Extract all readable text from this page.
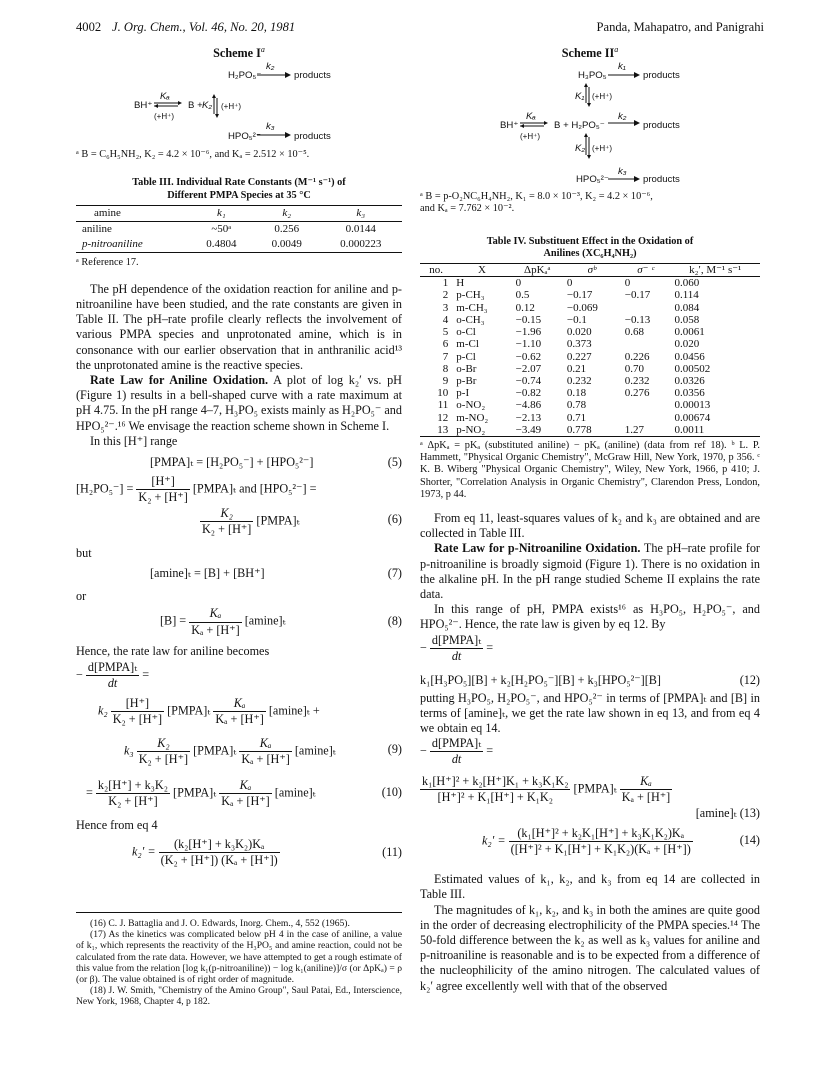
4002 J. Org. Chem., Vol. 46, No. 20, 1981	Panda, Mahapatro, and Panigrahi
Scheme $I^a$
H₂PO₅⁻
k₂
products
BH⁺
Kₐ
(+H⁺)
B + K₂ (+H⁺)
HPO₅²⁻
k₃
products
ᵃ B = C₆H₅NH₂, K₂ = 4.2 × 10⁻⁶, and Kₐ = 2.512 × 10⁻⁵.
Table III. Individual Rate Constants (M⁻¹ s⁻¹) of
Different PMPA Species at 35 °C
amine	k₁	k₂	k₃
aniline	~50ᵃ	0.256	0.0144
p-nitroaniline	0.4804	0.0049	0.000223
ᵃ Reference 17.

The pH dependence of the oxidation reaction for aniline and p-nitroaniline have been studied, and the rate constants are given in Table II. The pH–rate profile clearly reflects the involvement of various PMPA species and unprotonated amine, which is in consonance with our earlier observation that in anthranilic acid¹³ the unprotonated amine is the reactive species.

Rate Law for Aniline Oxidation. A plot of log k₂′ vs. pH (Figure 1) results in a bell-shaped curve with a rate maximum at pH 4.75. In the pH range 4–7, H₃PO₅ exists mainly as H₂PO₅⁻ and HPO₅²⁻.¹⁶ We envisage the reaction scheme shown in Scheme I.

In this [H⁺] range

[PMPA]ₜ = [H₂PO₅⁻] + [HPO₅²⁻]	(5)
$[H_2PO_5^-] = \frac{[H^+]}{\text{K₂ + [H⁺]}}$ [PMPA]ₜ and [HPO₅²⁻] =
$\frac{\text{K₂}}{\text{K₂ + [H⁺]}}$ [PMPA]ₜ	(6)
but
[amine]ₜ = [B] + [BH⁺]	(7)
or
$[B] = \frac{\text{Kₐ}}{\text{Kₐ + [H⁺]}} [amine]_t$	(8)
Hence, the rate law for aniline becomes
− $\frac{\text{d[PMPA]ₜ}}{dt}$ =
$k_2 \frac{[H^+]}{\text{K₂ + [H⁺]}}$ [PMPA]ₜ $\frac{\text{Kₐ}}{\text{Kₐ + [H⁺]}} [amine]_t$ +
$k_3 \frac{\text{K₂}}{\text{K₂ + [H⁺]}}$ [PMPA]ₜ $\frac{\text{Kₐ}}{\text{Kₐ + [H⁺]}} [amine]_t$	(9)
= $\frac{\text{k₂[H⁺] + k₃K₂}}{\text{K₂ + [H⁺]}}$ [PMPA]ₜ $\frac{\text{Kₐ}}{\text{Kₐ + [H⁺]}} [amine]_t$	(10)
Hence from eq 4
$k_2' = \frac{\text{(k₂[H⁺] + k₃K₂)Kₐ}}{\text{(K₂ + [H⁺]) (Kₐ + [H⁺])}}$	(11)

(16) C. J. Battaglia and J. O. Edwards, Inorg. Chem., 4, 552 (1965).

(17) As the kinetics was complicated below pH 4 in the case of aniline, a value of k₁, which represents the reactivity of the H₃PO₅ and amine reaction, could not be calculated from the rate data. However, we have attempted to get a rough estimate of this value from the relation [log k₁(p-nitroaniline)) − log k₁(aniline)]/σ (or ΔpKₐ) = ρ (or β). The value obtained is of right order of magnitude.

(18) J. W. Smith, "Chemistry of the Amino Group", Saul Patai, Ed., Interscience, New York, 1968, Chapter 4, p 182.

Scheme $II^a$
H₃PO₅
k₁
products
K₁ (+H⁺)
BH⁺
Kₐ
(+H⁺)
B + H₂PO₅⁻
k₂
products
K₂ (+H⁺)
HPO₅²⁻
k₃
products
ᵃ B = p-O₂NC₆H₄NH₂, K₁ = 8.0 × 10⁻³, K₂ = 4.2 × 10⁻⁶,
and Kₐ = 7.762 × 10⁻².
Table IV. Substituent Effect in the Oxidation of
Anilines (XC₆H₄NH₂)
no.	X	ΔpKₐᵃ	σᵇ	σ⁻ ᶜ	k₂′, M⁻¹ s⁻¹
1	H	0	0	0	0.060
2	p-CH₃	0.5	−0.17	−0.17	0.114
3	m-CH₃	0.12	−0.069		0.084
4	o-CH₃	−0.15	−0.1	−0.13	0.058
5	o-Cl	−1.96	0.020	0.68	0.0061
6	m-Cl	−1.10	0.373		0.020
7	p-Cl	−0.62	0.227	0.226	0.0456
8	o-Br	−2.07	0.21	0.70	0.00502
9	p-Br	−0.74	0.232	0.232	0.0326
10	p-I	−0.82	0.18	0.276	0.0356
11	o-NO₂	−4.86	0.78		0.00013
12	m-NO₂	−2.13	0.71		0.00674
13	p-NO₂	−3.49	0.778	1.27	0.0011
ᵃ ΔpKₐ = pKₐ (substituted aniline) − pKₐ (aniline) (data from ref 18). ᵇ L. P. Hammett, "Physical Organic Chemistry", McGraw Hill, New York, 1970, p 356. ᶜ K. B. Wiberg "Physical Organic Chemistry", Wiley, New York, 1966, p 410; J. Shorter, "Correlation Analysis in Organic Chemistry", Clarendon Press, London, 1973, p 44.

From eq 11, least-squares values of k₂ and k₃ are obtained and are collected in Table III.

Rate Law for p-Nitroaniline Oxidation. The pH–rate profile for p-nitroaniline is broadly sigmoid (Figure 1). There is no oxidation in the alkaline pH. In the pH range studied Scheme II explains the rate data.

In this range of pH, PMPA exists¹⁶ as H₃PO₅, H₂PO₅⁻, and HPO₅²⁻. Hence, the rate law is given by eq 12. By

− $\frac{\text{d[PMPA]ₜ}}{dt}$ =
k₁[H₃PO₅][B] + k₂[H₂PO₅⁻][B] + k₃[HPO₅²⁻][B]	(12)

putting H₃PO₅, H₂PO₅⁻, and HPO₅²⁻ in terms of [PMPA]ₜ and [B] in terms of [amine]ₜ, we get the rate law shown in eq 13, and from eq 4 we obtain eq 14.

− $\frac{\text{d[PMPA]ₜ}}{dt}$ =
$\frac{\text{k₁[H⁺]² + k₂[H⁺]K₁ + k₃K₁K₂}}{\text{[H⁺]² + K₁[H⁺] + K₁K₂}}$ [PMPA]ₜ $\frac{\text{Kₐ}}{\text{Kₐ + [H⁺]}}$
[amine]ₜ (13)
$k_2' = \frac{\text{(k₁[H⁺]² + k₂K₁[H⁺] + k₃K₁K₂)Kₐ}}{\text{([H⁺]² + K₁[H⁺] + K₁K₂)(Kₐ + [H⁺])}}$	(14)

Estimated values of k₁, k₂, and k₃ from eq 14 are collected in Table III.

The magnitudes of k₁, k₂, and k₃ in both the amines are quite good in the order of decreasing electrophilicity of the PMPA species.¹⁴ The 50-fold difference between the k₂ as well as k₃ values for aniline and p-nitroaniline is reasonable and is to be expected from a difference of the nucleophilicity of the amino nitrogen. The calculated values of k₂′ agree excellently well with that of the observed
